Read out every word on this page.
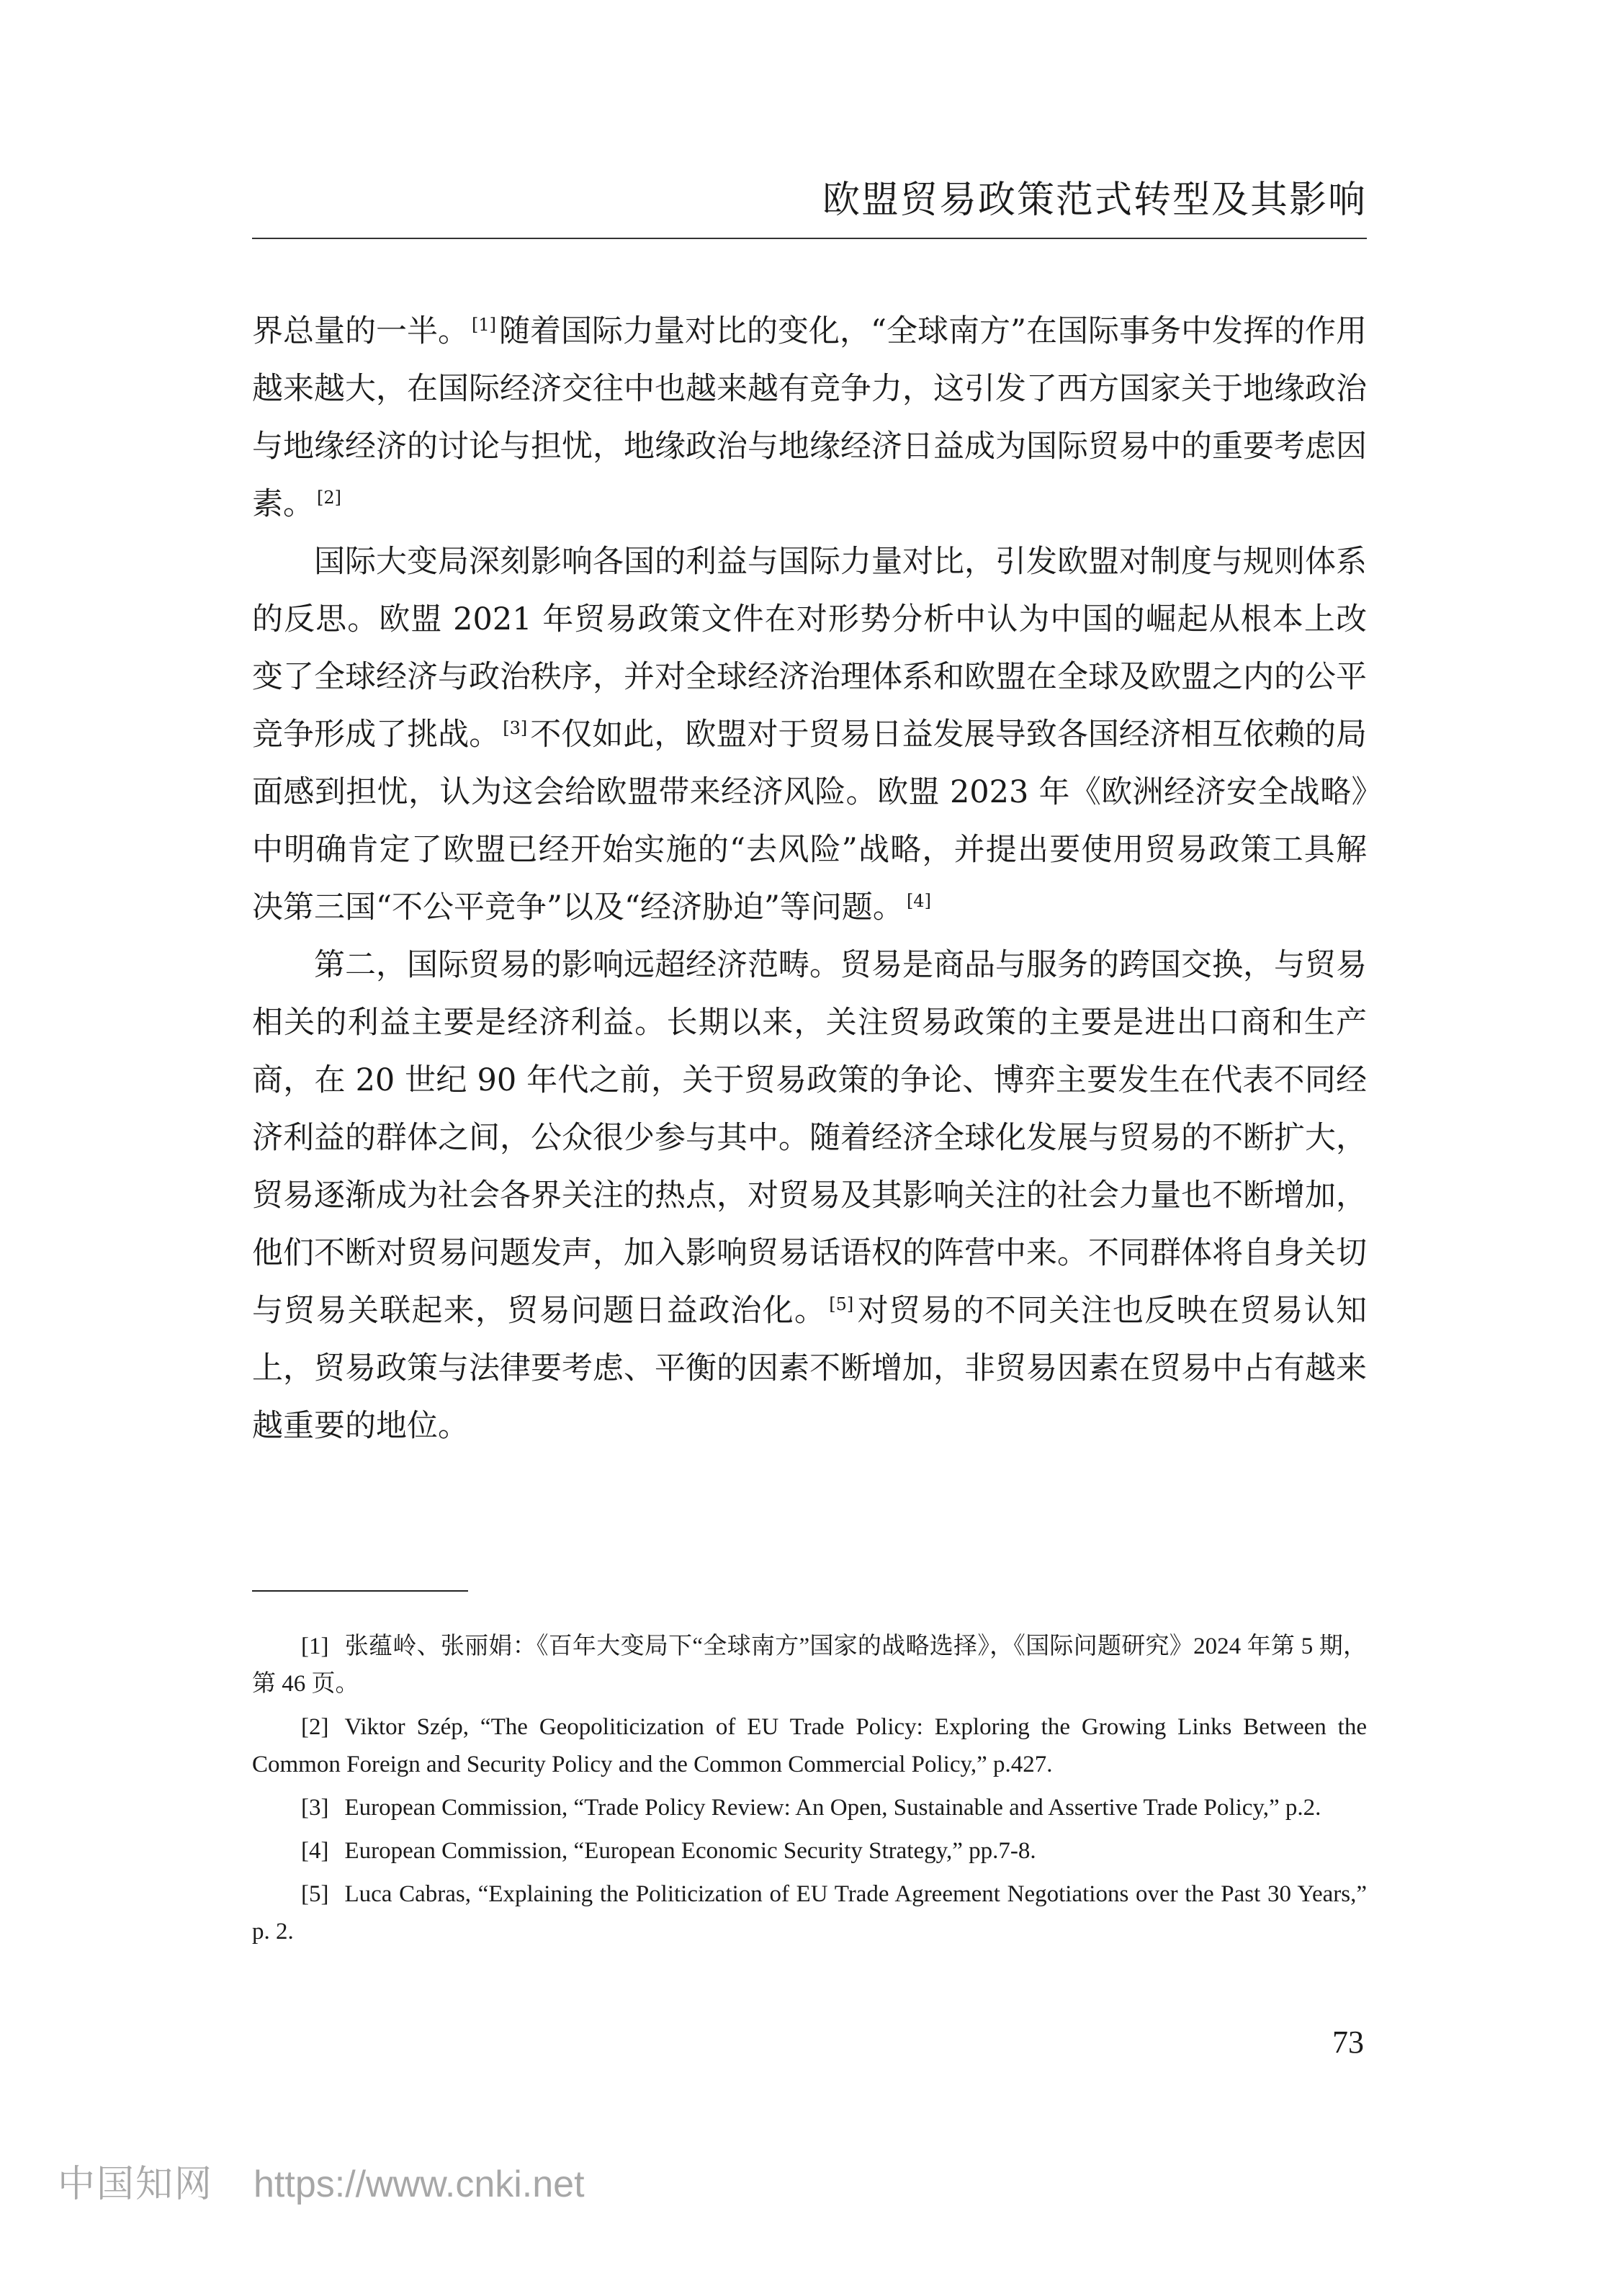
欧盟贸易政策范式转型及其影响

界总量的一半。 [1]随着国际力量对比的变化，“全球南方”在国际事务中发挥的作用越来越大，在国际经济交往中也越来越有竞争力，这引发了西方国家关于地缘政治与地缘经济的讨论与担忧，地缘政治与地缘经济日益成为国际贸易中的重要考虑因素。 [2]

国际大变局深刻影响各国的利益与国际力量对比，引发欧盟对制度与规则体系的反思。欧盟 2021 年贸易政策文件在对形势分析中认为中国的崛起从根本上改变了全球经济与政治秩序，并对全球经济治理体系和欧盟在全球及欧盟之内的公平竞争形成了挑战。 [3]不仅如此，欧盟对于贸易日益发展导致各国经济相互依赖的局面感到担忧，认为这会给欧盟带来经济风险。欧盟 2023 年《欧洲经济安全战略》中明确肯定了欧盟已经开始实施的“去风险”战略，并提出要使用贸易政策工具解决第三国“不公平竞争”以及“经济胁迫”等问题。 [4]

第二，国际贸易的影响远超经济范畴。贸易是商品与服务的跨国交换，与贸易相关的利益主要是经济利益。长期以来，关注贸易政策的主要是进出口商和生产商，在 20 世纪 90 年代之前，关于贸易政策的争论、博弈主要发生在代表不同经济利益的群体之间，公众很少参与其中。随着经济全球化发展与贸易的不断扩大，贸易逐渐成为社会各界关注的热点，对贸易及其影响关注的社会力量也不断增加，他们不断对贸易问题发声，加入影响贸易话语权的阵营中来。不同群体将自身关切与贸易关联起来，贸易问题日益政治化。 [5]对贸易的不同关注也反映在贸易认知上，贸易政策与法律要考虑、平衡的因素不断增加，非贸易因素在贸易中占有越来越重要的地位。

[1] 张蕴岭、张丽娟：《百年大变局下“全球南方”国家的战略选择》，《国际问题研究》2024 年第 5 期，第 46 页。

[2] Viktor Szép, “The Geopoliticization of EU Trade Policy: Exploring the Growing Links Between the Common Foreign and Security Policy and the Common Commercial Policy,” p.427.

[3] European Commission, “Trade Policy Review: An Open, Sustainable and Assertive Trade Policy,” p.2.

[4] European Commission, “European Economic Security Strategy,” pp.7-8.

[5] Luca Cabras, “Explaining the Politicization of EU Trade Agreement Negotiations over the Past 30 Years,” p. 2.

73
中国知网 https://www.cnki.net
